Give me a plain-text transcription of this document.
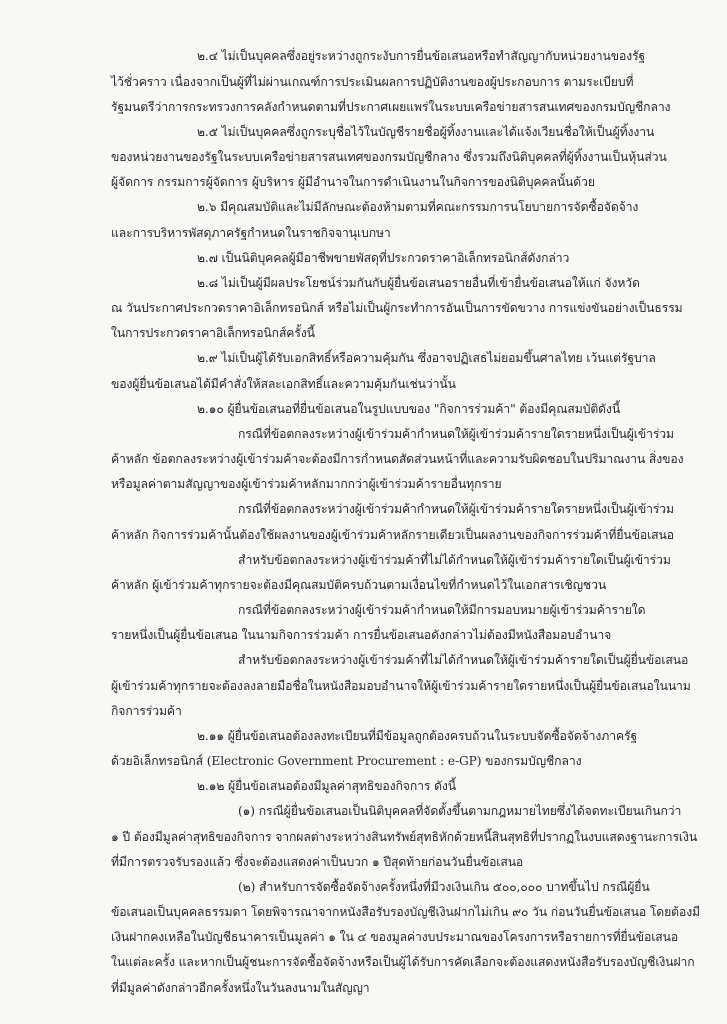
๒.๔ ไม่เป็นบุคคลซึ่งอยู่ระหว่างถูกระงับการยื่นข้อเสนอหรือทำสัญญากับหน่วยงานของรัฐ
ไว้ชั่วคราว เนื่องจากเป็นผู้ที่ไม่ผ่านเกณฑ์การประเมินผลการปฏิบัติงานของผู้ประกอบการ ตามระเบียบที่
รัฐมนตรีว่าการกระทรวงการคลังกำหนดตามที่ประกาศเผยแพร่ในระบบเครือข่ายสารสนเทศของกรมบัญชีกลาง
๒.๕ ไม่เป็นบุคคลซึ่งถูกระบุชื่อไว้ในบัญชีรายชื่อผู้ทิ้งงานและได้แจ้งเวียนชื่อให้เป็นผู้ทิ้งงาน
ของหน่วยงานของรัฐในระบบเครือข่ายสารสนเทศของกรมบัญชีกลาง ซึ่งรวมถึงนิติบุคคลที่ผู้ทิ้งงานเป็นหุ้นส่วน
ผู้จัดการ กรรมการผู้จัดการ ผู้บริหาร ผู้มีอำนาจในการดำเนินงานในกิจการของนิติบุคคลนั้นด้วย
๒.๖ มีคุณสมบัติและไม่มีลักษณะต้องห้ามตามที่คณะกรรมการนโยบายการจัดซื้อจัดจ้าง
และการบริหารพัสดุภาครัฐกำหนดในราชกิจจานุเบกษา
๒.๗ เป็นนิติบุคคลผู้มีอาชีพขายพัสดุที่ประกวดราคาอิเล็กทรอนิกส์ดังกล่าว
๒.๘ ไม่เป็นผู้มีผลประโยชน์ร่วมกันกับผู้ยื่นข้อเสนอรายอื่นที่เข้ายื่นข้อเสนอให้แก่ จังหวัด
ณ วันประกาศประกวดราคาอิเล็กทรอนิกส์ หรือไม่เป็นผู้กระทำการอันเป็นการขัดขวาง การแข่งขันอย่างเป็นธรรม
ในการประกวดราคาอิเล็กทรอนิกส์ครั้งนี้
๒.๙ ไม่เป็นผู้ได้รับเอกสิทธิ์หรือความคุ้มกัน ซึ่งอาจปฏิเสธไม่ยอมขึ้นศาลไทย เว้นแต่รัฐบาล
ของผู้ยื่นข้อเสนอได้มีคำสั่งให้สละเอกสิทธิ์และความคุ้มกันเช่นว่านั้น
๒.๑๐ ผู้ยื่นข้อเสนอที่ยื่นข้อเสนอในรูปแบบของ "กิจการร่วมค้า" ต้องมีคุณสมบัติดังนี้
กรณีที่ข้อตกลงระหว่างผู้เข้าร่วมค้ากำหนดให้ผู้เข้าร่วมค้ารายใดรายหนึ่งเป็นผู้เข้าร่วม
ค้าหลัก ข้อตกลงระหว่างผู้เข้าร่วมค้าจะต้องมีการกำหนดสัดส่วนหน้าที่และความรับผิดชอบในปริมาณงาน สิ่งของ
หรือมูลค่าตามสัญญาของผู้เข้าร่วมค้าหลักมากกว่าผู้เข้าร่วมค้ารายอื่นทุกราย
กรณีที่ข้อตกลงระหว่างผู้เข้าร่วมค้ากำหนดให้ผู้เข้าร่วมค้ารายใดรายหนึ่งเป็นผู้เข้าร่วม
ค้าหลัก กิจการร่วมค้านั้นต้องใช้ผลงานของผู้เข้าร่วมค้าหลักรายเดียวเป็นผลงานของกิจการร่วมค้าที่ยื่นข้อเสนอ
สำหรับข้อตกลงระหว่างผู้เข้าร่วมค้าที่ไม่ได้กำหนดให้ผู้เข้าร่วมค้ารายใดเป็นผู้เข้าร่วม
ค้าหลัก ผู้เข้าร่วมค้าทุกรายจะต้องมีคุณสมบัติครบถ้วนตามเงื่อนไขที่กำหนดไว้ในเอกสารเชิญชวน
กรณีที่ข้อตกลงระหว่างผู้เข้าร่วมค้ากำหนดให้มีการมอบหมายผู้เข้าร่วมค้ารายใด
รายหนึ่งเป็นผู้ยื่นข้อเสนอ ในนามกิจการร่วมค้า การยื่นข้อเสนอดังกล่าวไม่ต้องมีหนังสือมอบอำนาจ
สำหรับข้อตกลงระหว่างผู้เข้าร่วมค้าที่ไม่ได้กำหนดให้ผู้เข้าร่วมค้ารายใดเป็นผู้ยื่นข้อเสนอ
ผู้เข้าร่วมค้าทุกรายจะต้องลงลายมือชื่อในหนังสือมอบอำนาจให้ผู้เข้าร่วมค้ารายใดรายหนึ่งเป็นผู้ยื่นข้อเสนอในนาม
กิจการร่วมค้า
๒.๑๑ ผู้ยื่นข้อเสนอต้องลงทะเบียนที่มีข้อมูลถูกต้องครบถ้วนในระบบจัดซื้อจัดจ้างภาครัฐ
ด้วยอิเล็กทรอนิกส์ (Electronic Government Procurement : e-GP) ของกรมบัญชีกลาง
๒.๑๒ ผู้ยื่นข้อเสนอต้องมีมูลค่าสุทธิของกิจการ ดังนี้
(๑) กรณีผู้ยื่นข้อเสนอเป็นนิติบุคคลที่จัดตั้งขึ้นตามกฎหมายไทยซึ่งได้จดทะเบียนเกินกว่า
๑ ปี ต้องมีมูลค่าสุทธิของกิจการ จากผลต่างระหว่างสินทรัพย์สุทธิหักด้วยหนี้สินสุทธิที่ปรากฏในงบแสดงฐานะการเงิน
ที่มีการตรวจรับรองแล้ว ซึ่งจะต้องแสดงค่าเป็นบวก ๑ ปีสุดท้ายก่อนวันยื่นข้อเสนอ
(๒) สำหรับการจัดซื้อจัดจ้างครั้งหนึ่งที่มีวงเงินเกิน ๕๐๐,๐๐๐ บาทขึ้นไป กรณีผู้ยื่น
ข้อเสนอเป็นบุคคลธรรมดา โดยพิจารณาจากหนังสือรับรองบัญชีเงินฝากไม่เกิน ๙๐ วัน ก่อนวันยื่นข้อเสนอ โดยต้องมี
เงินฝากคงเหลือในบัญชีธนาคารเป็นมูลค่า ๑ ใน ๔ ของมูลค่างบประมาณของโครงการหรือรายการที่ยื่นข้อเสนอ
ในแต่ละครั้ง และหากเป็นผู้ชนะการจัดซื้อจัดจ้างหรือเป็นผู้ได้รับการคัดเลือกจะต้องแสดงหนังสือรับรองบัญชีเงินฝาก
ที่มีมูลค่าดังกล่าวอีกครั้งหนึ่งในวันลงนามในสัญญา
